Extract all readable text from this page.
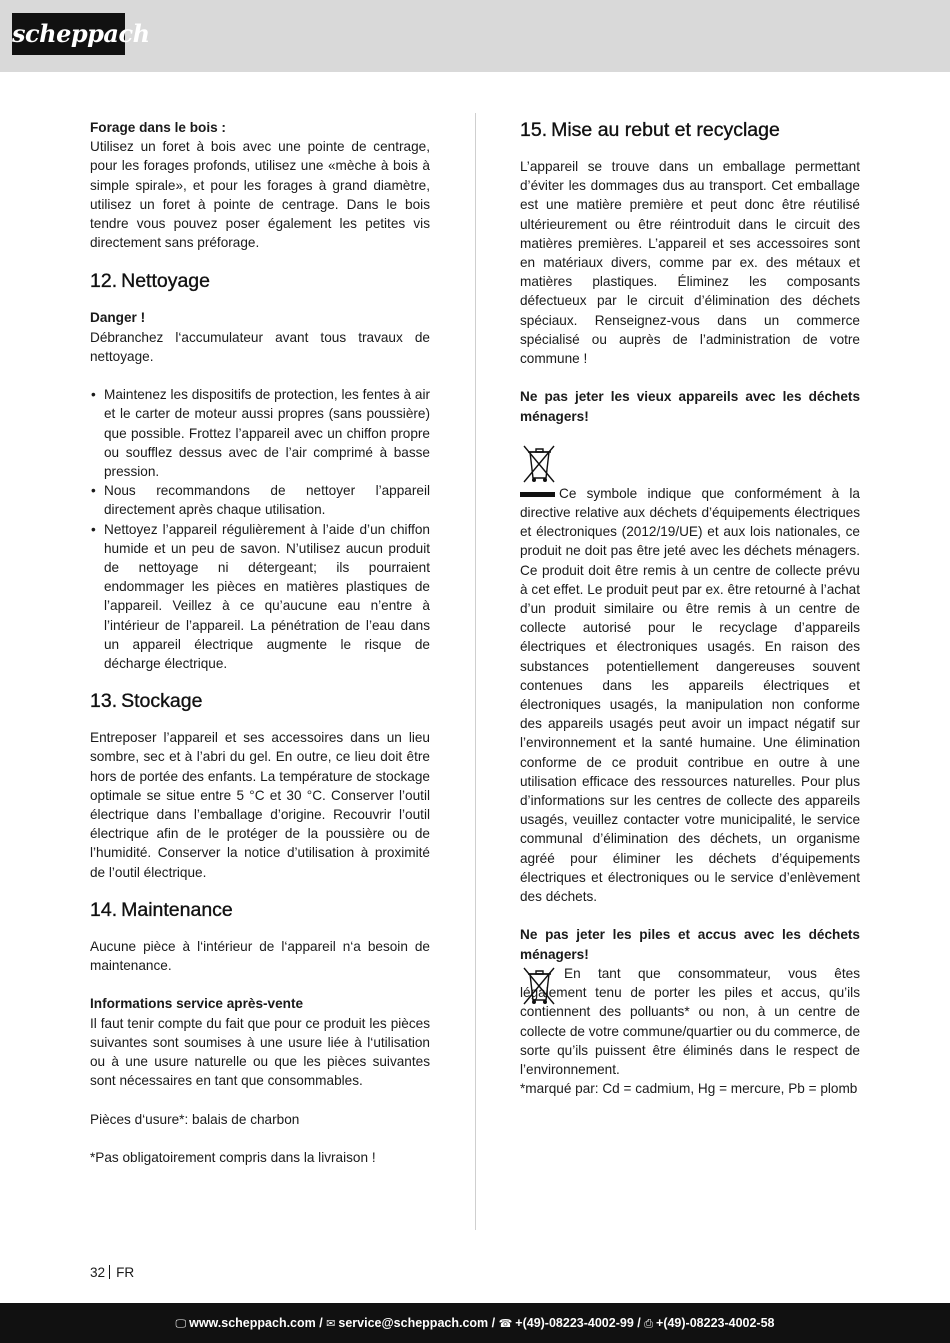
scheppach

Forage dans le bois :

Utilisez un foret à bois avec une pointe de centrage, pour les forages profonds, utilisez une «mèche à bois à simple spirale», et pour les forages à grand diamètre, utilisez un foret à pointe de centrage. Dans le bois tendre vous pouvez poser également les petites vis directement sans préforage.

12. Nettoyage

Danger !

Débranchez l‘accumulateur avant tous travaux de nettoyage.

• Maintenez les dispositifs de protection, les fentes à air et le carter de moteur aussi propres (sans poussière) que possible. Frottez l’appareil avec un chiffon propre ou soufflez dessus avec de l’air comprimé à basse pression.
• Nous recommandons de nettoyer l’appareil directement après chaque utilisation.
• Nettoyez l’appareil régulièrement à l’aide d’un chiffon humide et un peu de savon. N’utilisez aucun produit de nettoyage ni détergeant; ils pourraient endommager les pièces en matières plastiques de l’appareil. Veillez à ce qu’aucune eau n’entre à l’intérieur de l’appareil. La pénétration de l’eau dans un appareil électrique augmente le risque de décharge électrique.
13. Stockage

Entreposer l’appareil et ses accessoires dans un lieu sombre, sec et à l’abri du gel. En outre, ce lieu doit être hors de portée des enfants. La température de stockage optimale se situe entre 5 °C et 30 °C. Conserver l’outil électrique dans l’emballage d’origine. Recouvrir l’outil électrique afin de le protéger de la poussière ou de l’humidité. Conserver la notice d’utilisation à proximité de l’outil électrique.

14. Maintenance

Aucune pièce à l‘intérieur de l‘appareil n‘a besoin de maintenance.

Informations service après-vente

Il faut tenir compte du fait que pour ce produit les pièces suivantes sont soumises à une usure liée à l‘utilisation ou à une usure naturelle ou que les pièces suivantes sont nécessaires en tant que consommables.

Pièces d‘usure*: balais de charbon

*Pas obligatoirement compris dans la livraison !

15. Mise au rebut et recyclage

L’appareil se trouve dans un emballage permettant d’éviter les dommages dus au transport. Cet emballage est une matière première et peut donc être réutilisé ultérieurement ou être réintroduit dans le circuit des matières premières. L’appareil et ses accessoires sont en matériaux divers, comme par ex. des métaux et matières plastiques. Éliminez les composants défectueux par le circuit d’élimination des déchets spéciaux. Renseignez-vous dans un commerce spécialisé ou auprès de l’administration de votre commune !

Ne pas jeter les vieux appareils avec les déchets ménagers!

Ce symbole indique que conformément à la directive relative aux déchets d’équipements électriques et électroniques (2012/19/UE) et aux lois nationales, ce produit ne doit pas être jeté avec les déchets ménagers. Ce produit doit être remis à un centre de collecte prévu à cet effet. Le produit peut par ex. être retourné à l’achat d’un produit similaire ou être remis à un centre de collecte autorisé pour le recyclage d’appareils électriques et électroniques usagés. En raison des substances potentiellement dangereuses souvent contenues dans les appareils électriques et électroniques usagés, la manipulation non conforme des appareils usagés peut avoir un impact négatif sur l’environnement et la santé humaine. Une élimination conforme de ce produit contribue en outre à une utilisation efficace des ressources naturelles. Pour plus d’informations sur les centres de collecte des appareils usagés, veuillez contacter votre municipalité, le service communal d’élimination des déchets, un organisme agréé pour éliminer les déchets d’équipements électriques et électroniques ou le service d’enlèvement des déchets.

Ne pas jeter les piles et accus avec les déchets ménagers!

En tant que consommateur, vous êtes légalement tenu de porter les piles et accus, qu’ils contiennent des polluants* ou non, à un centre de collecte de votre commune/quartier ou du commerce, de sorte qu’ils puissent être éliminés dans le respect de l’environnement.

*marqué par: Cd = cadmium, Hg = mercure, Pb = plomb

32 FR
🖵 www.scheppach.com / ✉ service@scheppach.com / ☎ +(49)-08223-4002-99 / ⎙ +(49)-08223-4002-58
